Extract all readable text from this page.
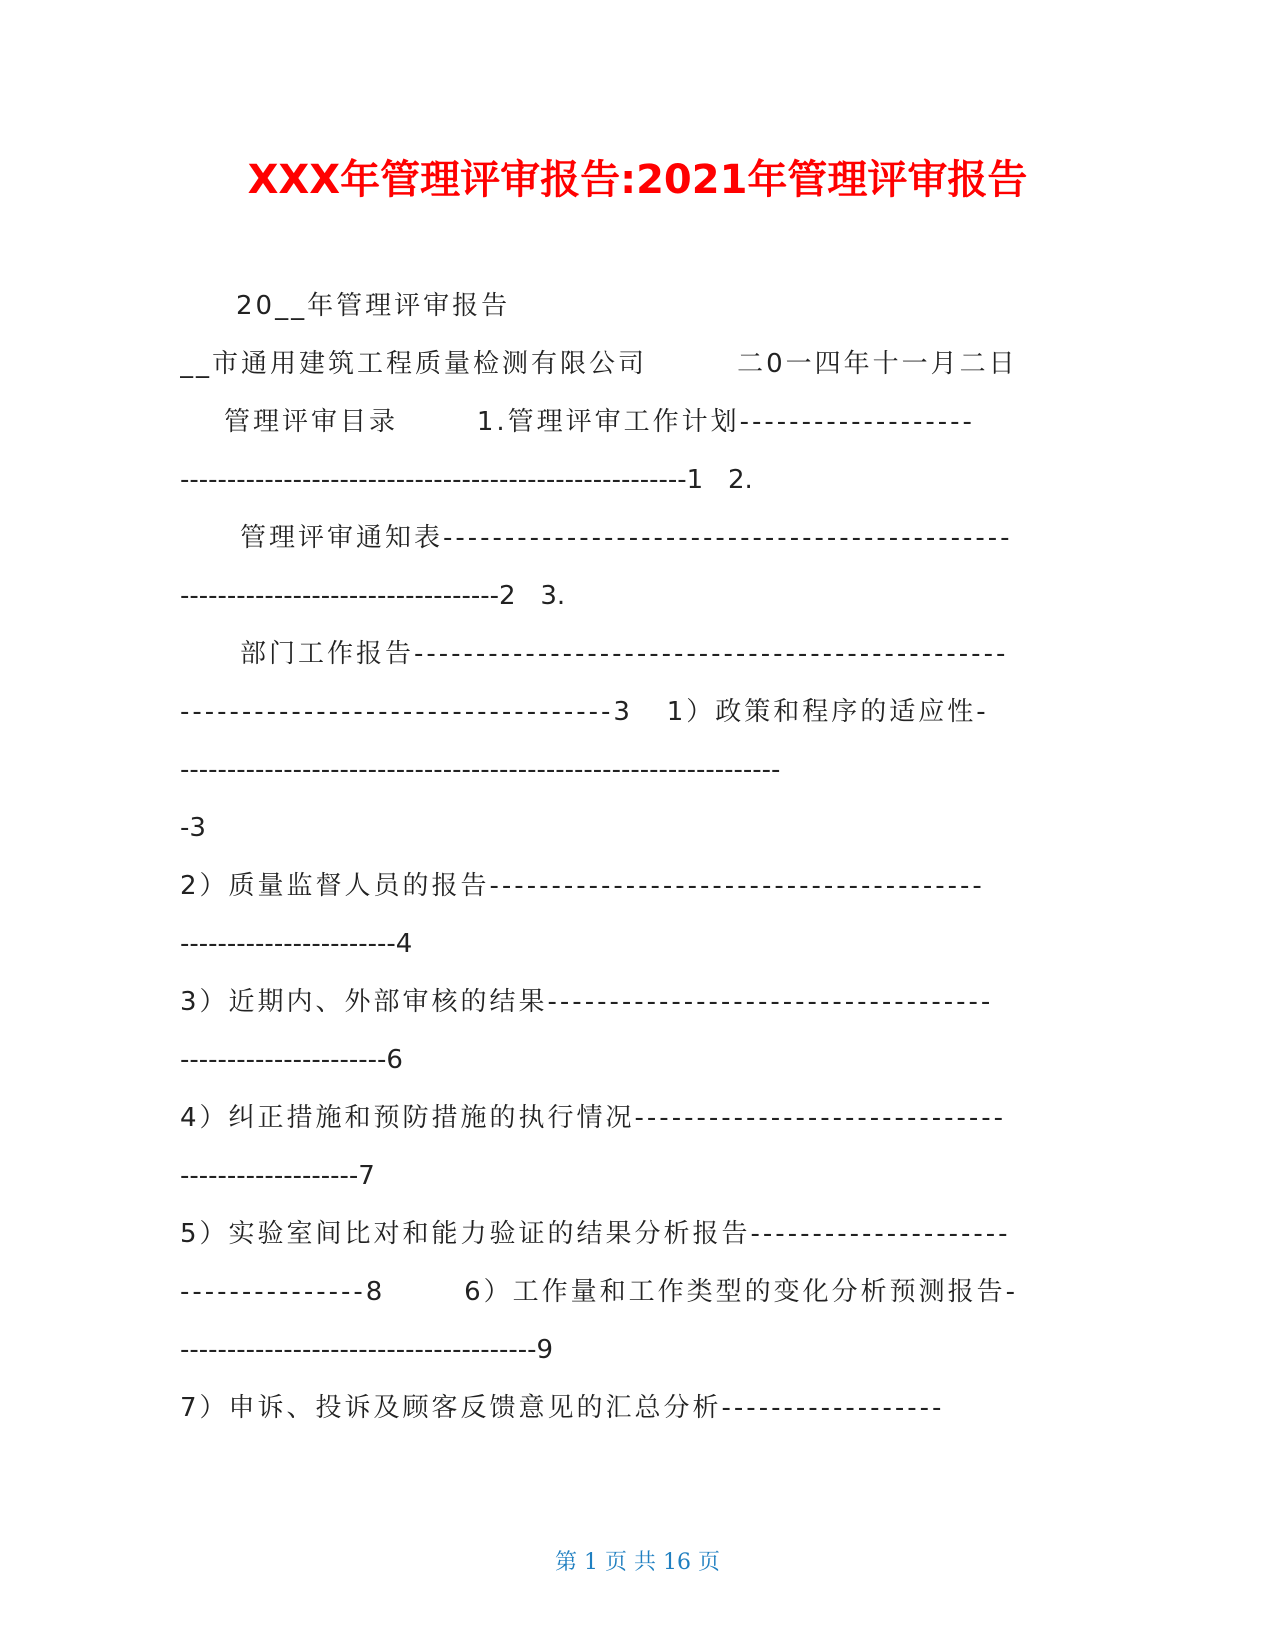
XXX年管理评审报告:2021年管理评审报告
20__年管理评审报告
__市通用建筑工程质量检测有限公司        二0一四年十一月二日
管理评审目录       1.管理评审工作计划-------------------
------------------------------------------------------1   2.
管理评审通知表----------------------------------------------
----------------------------------2   3.
部门工作报告------------------------------------------------
-----------------------------------3   1）政策和程序的适应性-
----------------------------------------------------------------
-3
2）质量监督人员的报告----------------------------------------
-----------------------4
3）近期内、外部审核的结果------------------------------------
----------------------6
4）纠正措施和预防措施的执行情况------------------------------
-------------------7
5）实验室间比对和能力验证的结果分析报告---------------------
---------------8       6）工作量和工作类型的变化分析预测报告-
--------------------------------------9
7）申诉、投诉及顾客反馈意见的汇总分析------------------
第 1 页 共 16 页
